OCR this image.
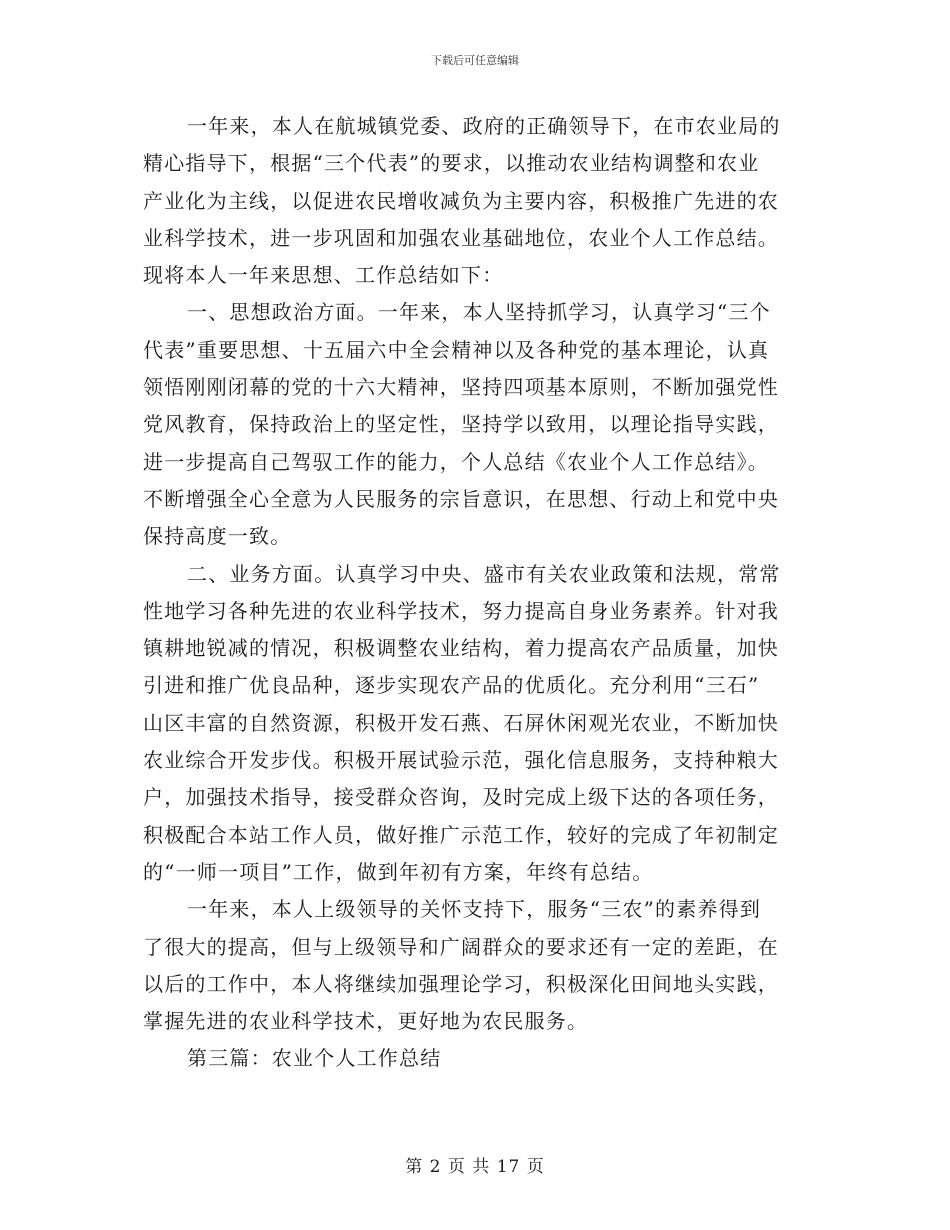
下载后可任意编辑
一年来，本人在航城镇党委、政府的正确领导下，在市农业局的
精心指导下，根据“三个代表”的要求，以推动农业结构调整和农业
产业化为主线，以促进农民增收减负为主要内容，积极推广先进的农
业科学技术，进一步巩固和加强农业基础地位，农业个人工作总结。
现将本人一年来思想、工作总结如下：
一、思想政治方面。一年来，本人坚持抓学习，认真学习“三个
代表”重要思想、十五届六中全会精神以及各种党的基本理论，认真
领悟刚刚闭幕的党的十六大精神，坚持四项基本原则，不断加强党性
党风教育，保持政治上的坚定性，坚持学以致用，以理论指导实践，
进一步提高自己驾驭工作的能力，个人总结《农业个人工作总结》。
不断增强全心全意为人民服务的宗旨意识，在思想、行动上和党中央
保持高度一致。
二、业务方面。认真学习中央、盛市有关农业政策和法规，常常
性地学习各种先进的农业科学技术，努力提高自身业务素养。针对我
镇耕地锐减的情况，积极调整农业结构，着力提高农产品质量，加快
引进和推广优良品种，逐步实现农产品的优质化。充分利用“三石”
山区丰富的自然资源，积极开发石燕、石屏休闲观光农业，不断加快
农业综合开发步伐。积极开展试验示范，强化信息服务，支持种粮大
户，加强技术指导，接受群众咨询，及时完成上级下达的各项任务，
积极配合本站工作人员，做好推广示范工作，较好的完成了年初制定
的“一师一项目”工作，做到年初有方案，年终有总结。
一年来，本人上级领导的关怀支持下，服务“三农”的素养得到
了很大的提高，但与上级领导和广阔群众的要求还有一定的差距，在
以后的工作中，本人将继续加强理论学习，积极深化田间地头实践，
掌握先进的农业科学技术，更好地为农民服务。
第三篇：农业个人工作总结
第 2 页 共 17 页
